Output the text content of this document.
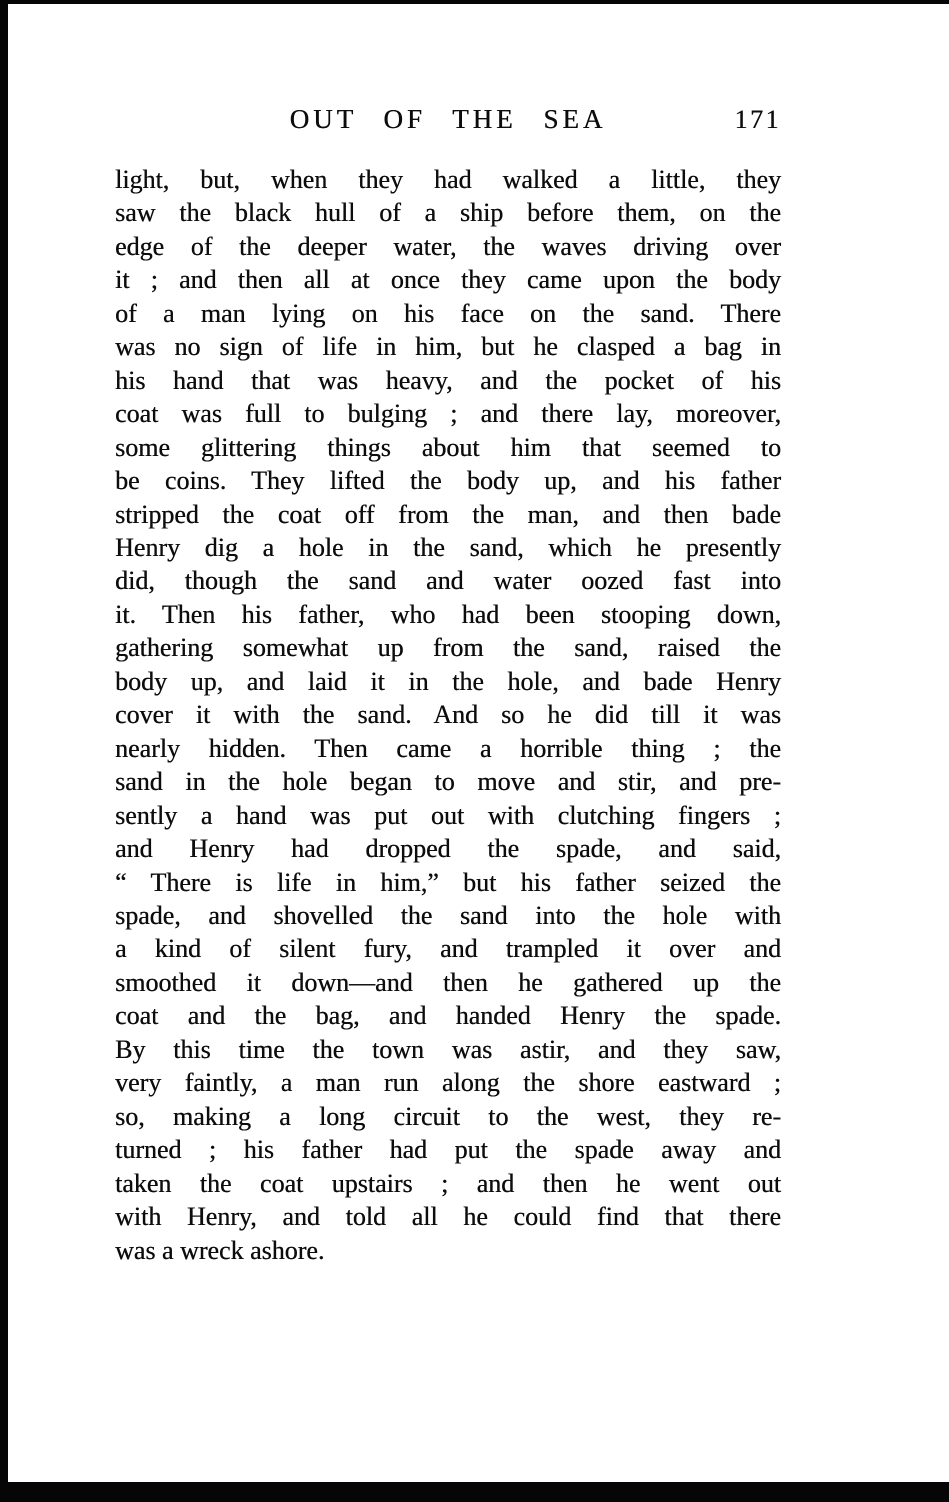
OUT OF THE SEA	171
light, but, when they had walked a little, they
saw the black hull of a ship before them, on the
edge of the deeper water, the waves driving over
it ; and then all at once they came upon the body
of a man lying on his face on the sand. There
was no sign of life in him, but he clasped a bag in
his hand that was heavy, and the pocket of his
coat was full to bulging ; and there lay, moreover,
some glittering things about him that seemed to
be coins. They lifted the body up, and his father
stripped the coat off from the man, and then bade
Henry dig a hole in the sand, which he presently
did, though the sand and water oozed fast into
it. Then his father, who had been stooping down,
gathering somewhat up from the sand, raised the
body up, and laid it in the hole, and bade Henry
cover it with the sand. And so he did till it was
nearly hidden. Then came a horrible thing ; the
sand in the hole began to move and stir, and pre-
sently a hand was put out with clutching fingers ;
and Henry had dropped the spade, and said,
“ There is life in him,” but his father seized the
spade, and shovelled the sand into the hole with
a kind of silent fury, and trampled it over and
smoothed it down—and then he gathered up the
coat and the bag, and handed Henry the spade.
By this time the town was astir, and they saw,
very faintly, a man run along the shore eastward ;
so, making a long circuit to the west, they re-
turned ; his father had put the spade away and
taken the coat upstairs ; and then he went out
with Henry, and told all he could find that there
was a wreck ashore.
